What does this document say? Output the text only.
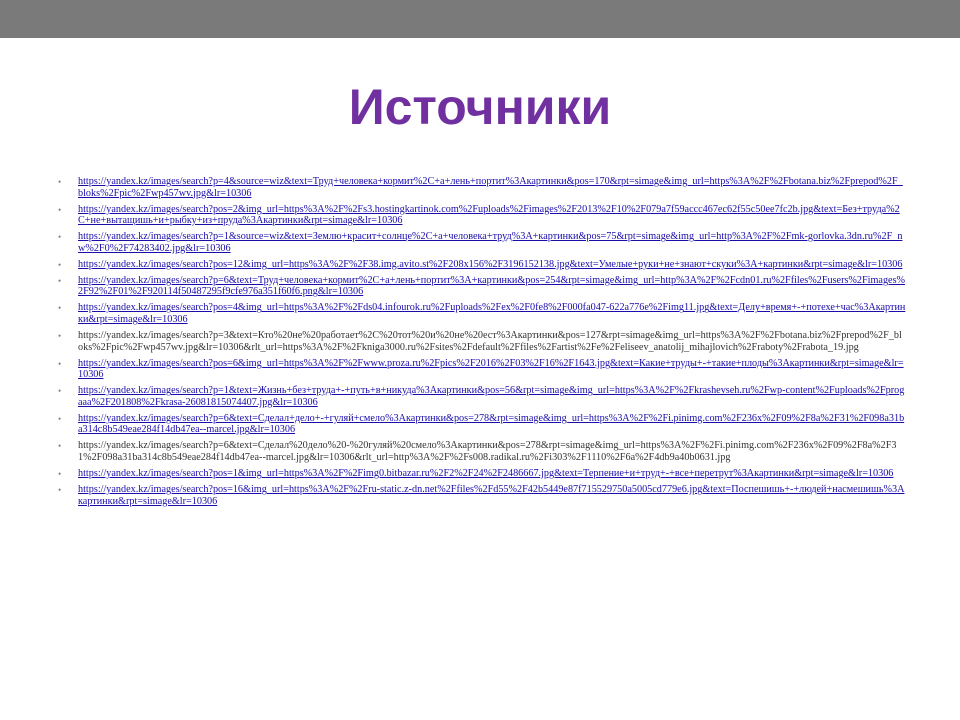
Источники
• https://yandex.kz/images/search?p=4&source=wiz&text=Труд+человека+кормит%2C+а+лень+портит%3Акартинки&pos=170&rpt=simage&img_url=https%3A%2F%2Fbotana.biz%2Fprepod%2F_bloks%2Fpic%2Fwp457wv.jpg&lr=10306
• https://yandex.kz/images/search?pos=2&img_url=https%3A%2F%2Fs3.hostingkartinok.com%2Fuploads%2Fimages%2F2013%2F10%2F079a7f59accc467ec62f55c50ee7fc2b.jpg&text=Без+труда%2C+не+вытащишь+и+рыбку+из+пруда%3Акартинки&rpt=simage&lr=10306
• https://yandex.kz/images/search?p=1&source=wiz&text=Землю+красит+солнце%2C+а+человека+труд%3A+картинки&pos=75&rpt=simage&img_url=http%3A%2F%2Fmk-gorlovka.3dn.ru%2F_nw%2F0%2F74283402.jpg&lr=10306
• https://yandex.kz/images/search?pos=12&img_url=https%3A%2F%2F38.img.avito.st%2F208x156%2F3196152138.jpg&text=Умелые+руки+не+знают+скуки%3A+картинки&rpt=simage&lr=10306
• https://yandex.kz/images/search?p=6&text=Труд+человека+кормит%2C+а+лень+портит%3A+картинки&pos=254&rpt=simage&img_url=http%3A%2F%2Fcdn01.ru%2Ffiles%2Fusers%2Fimages%2F92%2F01%2F920114f50487295f9cfe976a351f60f6.png&lr=10306
• https://yandex.kz/images/search?pos=4&img_url=https%3A%2F%2Fds04.infourok.ru%2Fuploads%2Fex%2F0fe8%2F000fa047-622a776e%2Fimg11.jpg&text=Делу+время+-+потехе+час%3Акартинки&rpt=simage&lr=10306
• https://yandex.kz/images/search?p=3&text=Кто%20не%20работает%2C%20тот%20и%20не%20ест%3Акартинки&pos=127&rpt=simage&img_url=https%3A%2F%2Fbotana.biz%2Fprepod%2F_bloks%2Fpic%2Fwp457wv.jpg&lr=10306&rlt_url=https%3A%2F%2Fkniga3000.ru%2Fsites%2Fdefault%2Ffiles%2Fartist%2Fe%2Feliseev_anatolij_mihajlovich%2Fraboty%2Frabota_19.jpg
• https://yandex.kz/images/search?pos=6&img_url=https%3A%2F%2Fwww.proza.ru%2Fpics%2F2016%2F03%2F16%2F1643.jpg&text=Какие+труды+-+такие+плоды%3Акартинки&rpt=simage&lr=10306
• https://yandex.kz/images/search?p=1&text=Жизнь+без+труда+-+путь+в+никуда%3Акартинки&pos=56&rpt=simage&img_url=https%3A%2F%2Fkrashevseh.ru%2Fwp-content%2Fuploads%2Fprogaaa%2F201808%2Fkrasa-26081815074407.jpg&lr=10306
• https://yandex.kz/images/search?p=6&text=Сделал+дело+-+гуляй+смело%3Акартинки&pos=278&rpt=simage&img_url=https%3A%2F%2Fi.pinimg.com%2F236x%2F09%2F8a%2F31%2F098a31ba314c8b549eae284f14db47ea--marcel.jpg&lr=10306
• https://yandex.kz/images/search?p=6&text=Сделал%20дело%20-%20гуляй%20смело%3Акартинки&pos=278&rpt=simage&img_url=https%3A%2F%2Fi.pinimg.com%2F236x%2F09%2F8a%2F31%2F098a31ba314c8b549eae284f14db47ea--marcel.jpg&lr=10306&rlt_url=http%3A%2F%2Fs008.radikal.ru%2Fi303%2F1110%2F6a%2F4db9a40b0631.jpg
• https://yandex.kz/images/search?pos=1&img_url=https%3A%2F%2Fimg0.bitbazar.ru%2F2%2F24%2F2486667.jpg&text=Терпение+и+труд+-+все+перетрут%3Акартинки&rpt=simage&lr=10306
• https://yandex.kz/images/search?pos=16&img_url=https%3A%2F%2Fru-static.z-dn.net%2Ffiles%2Fd55%2F42b5449e87f715529750a5005cd779e6.jpg&text=Поспешишь+-+людей+насмешишь%3Акартинки&rpt=simage&lr=10306
